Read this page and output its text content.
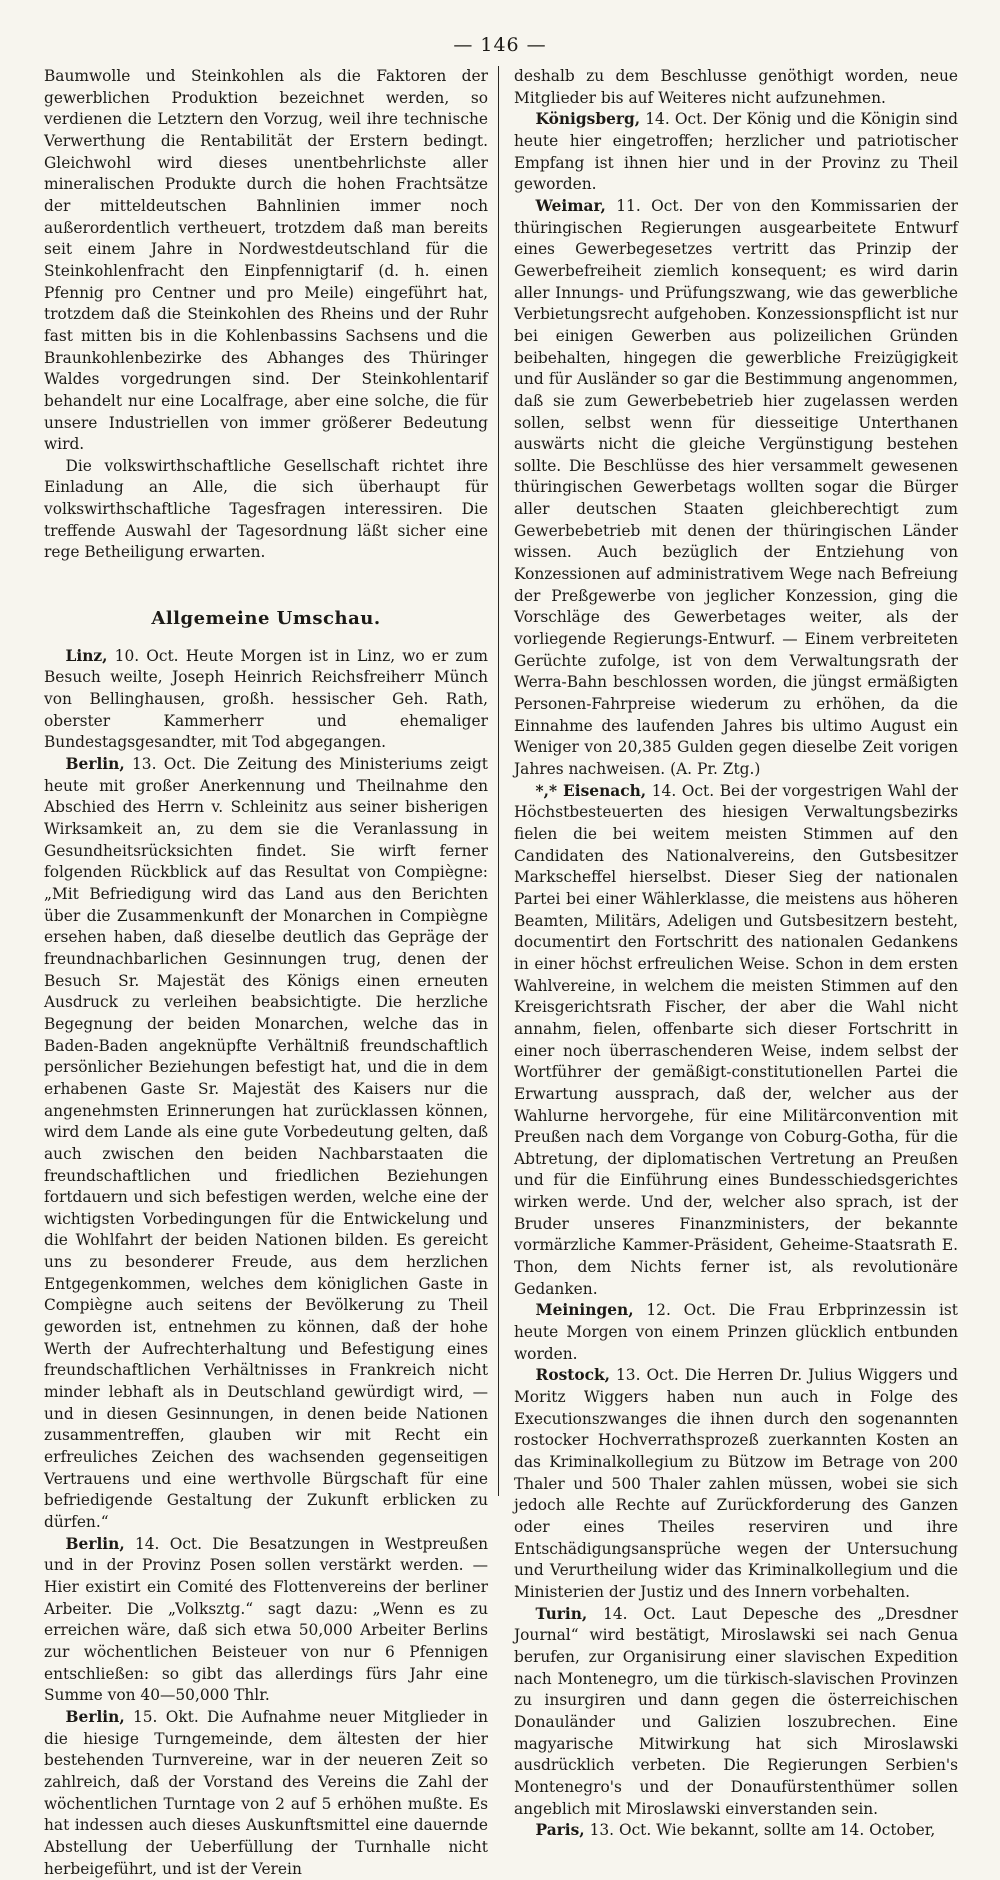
— 146 —

Baumwolle und Steinkohlen als die Faktoren der gewerblichen Produktion bezeichnet werden, so verdienen die Letztern den Vorzug, weil ihre technische Verwerthung die Rentabilität der Erstern bedingt. Gleichwohl wird dieses unentbehrlichste aller mineralischen Produkte durch die hohen Frachtsätze der mitteldeutschen Bahnlinien immer noch außerordentlich vertheuert, trotzdem daß man bereits seit einem Jahre in Nordwestdeutschland für die Steinkohlenfracht den Einpfennigtarif (d. h. einen Pfennig pro Centner und pro Meile) eingeführt hat, trotzdem daß die Steinkohlen des Rheins und der Ruhr fast mitten bis in die Kohlenbassins Sachsens und die Braunkohlenbezirke des Abhanges des Thüringer Waldes vorgedrungen sind. Der Steinkohlentarif behandelt nur eine Localfrage, aber eine solche, die für unsere Industriellen von immer größerer Bedeutung wird.

Die volkswirthschaftliche Gesellschaft richtet ihre Einladung an Alle, die sich überhaupt für volkswirthschaftliche Tagesfragen interessiren. Die treffende Auswahl der Tagesordnung läßt sicher eine rege Betheiligung erwarten.

Allgemeine Umschau.

Linz, 10. Oct. Heute Morgen ist in Linz, wo er zum Besuch weilte, Joseph Heinrich Reichsfreiherr Münch von Bellinghausen, großh. hessischer Geh. Rath, oberster Kammerherr und ehemaliger Bundestagsgesandter, mit Tod abgegangen.

Berlin, 13. Oct. Die Zeitung des Ministeriums zeigt heute mit großer Anerkennung und Theilnahme den Abschied des Herrn v. Schleinitz aus seiner bisherigen Wirksamkeit an, zu dem sie die Veranlassung in Gesundheitsrücksichten findet. Sie wirft ferner folgenden Rückblick auf das Resultat von Compiègne: „Mit Befriedigung wird das Land aus den Berichten über die Zusammenkunft der Monarchen in Compiègne ersehen haben, daß dieselbe deutlich das Gepräge der freundnachbarlichen Gesinnungen trug, denen der Besuch Sr. Majestät des Königs einen erneuten Ausdruck zu verleihen beabsichtigte. Die herzliche Begegnung der beiden Monarchen, welche das in Baden-Baden angeknüpfte Verhältniß freundschaftlich persönlicher Beziehungen befestigt hat, und die in dem erhabenen Gaste Sr. Majestät des Kaisers nur die angenehmsten Erinnerungen hat zurücklassen können, wird dem Lande als eine gute Vorbedeutung gelten, daß auch zwischen den beiden Nachbarstaaten die freundschaftlichen und friedlichen Beziehungen fortdauern und sich befestigen werden, welche eine der wichtigsten Vorbedingungen für die Entwickelung und die Wohlfahrt der beiden Nationen bilden. Es gereicht uns zu besonderer Freude, aus dem herzlichen Entgegenkommen, welches dem königlichen Gaste in Compiègne auch seitens der Bevölkerung zu Theil geworden ist, entnehmen zu können, daß der hohe Werth der Aufrechterhaltung und Befestigung eines freundschaftlichen Verhältnisses in Frankreich nicht minder lebhaft als in Deutschland gewürdigt wird, — und in diesen Gesinnungen, in denen beide Nationen zusammentreffen, glauben wir mit Recht ein erfreuliches Zeichen des wachsenden gegenseitigen Vertrauens und eine werthvolle Bürgschaft für eine befriedigende Gestaltung der Zukunft erblicken zu dürfen.“

Berlin, 14. Oct. Die Besatzungen in Westpreußen und in der Provinz Posen sollen verstärkt werden. — Hier existirt ein Comité des Flottenvereins der berliner Arbeiter. Die „Volksztg.“ sagt dazu: „Wenn es zu erreichen wäre, daß sich etwa 50,000 Arbeiter Berlins zur wöchentlichen Beisteuer von nur 6 Pfennigen entschließen: so gibt das allerdings fürs Jahr eine Summe von 40—50,000 Thlr.

Berlin, 15. Okt. Die Aufnahme neuer Mitglieder in die hiesige Turngemeinde, dem ältesten der hier bestehenden Turnvereine, war in der neueren Zeit so zahlreich, daß der Vorstand des Vereins die Zahl der wöchentlichen Turntage von 2 auf 5 erhöhen mußte. Es hat indessen auch dieses Auskunftsmittel eine dauernde Abstellung der Ueberfüllung der Turnhalle nicht herbeigeführt, und ist der Verein

deshalb zu dem Beschlusse genöthigt worden, neue Mitglieder bis auf Weiteres nicht aufzunehmen.

Königsberg, 14. Oct. Der König und die Königin sind heute hier eingetroffen; herzlicher und patriotischer Empfang ist ihnen hier und in der Provinz zu Theil geworden.

Weimar, 11. Oct. Der von den Kommissarien der thüringischen Regierungen ausgearbeitete Entwurf eines Gewerbegesetzes vertritt das Prinzip der Gewerbefreiheit ziemlich konsequent; es wird darin aller Innungs- und Prüfungszwang, wie das gewerbliche Verbietungsrecht aufgehoben. Konzessionspflicht ist nur bei einigen Gewerben aus polizeilichen Gründen beibehalten, hingegen die gewerbliche Freizügigkeit und für Ausländer so gar die Bestimmung angenommen, daß sie zum Gewerbebetrieb hier zugelassen werden sollen, selbst wenn für diesseitige Unterthanen auswärts nicht die gleiche Vergünstigung bestehen sollte. Die Beschlüsse des hier versammelt gewesenen thüringischen Gewerbetags wollten sogar die Bürger aller deutschen Staaten gleichberechtigt zum Gewerbebetrieb mit denen der thüringischen Länder wissen. Auch bezüglich der Entziehung von Konzessionen auf administrativem Wege nach Befreiung der Preßgewerbe von jeglicher Konzession, ging die Vorschläge des Gewerbetages weiter, als der vorliegende Regierungs-Entwurf. — Einem verbreiteten Gerüchte zufolge, ist von dem Verwaltungsrath der Werra-Bahn beschlossen worden, die jüngst ermäßigten Personen-Fahrpreise wiederum zu erhöhen, da die Einnahme des laufenden Jahres bis ultimo August ein Weniger von 20,385 Gulden gegen dieselbe Zeit vorigen Jahres nachweisen. (A. Pr. Ztg.)

*,* Eisenach, 14. Oct. Bei der vorgestrigen Wahl der Höchstbesteuerten des hiesigen Verwaltungsbezirks fielen die bei weitem meisten Stimmen auf den Candidaten des Nationalvereins, den Gutsbesitzer Markscheffel hierselbst. Dieser Sieg der nationalen Partei bei einer Wählerklasse, die meistens aus höheren Beamten, Militärs, Adeligen und Gutsbesitzern besteht, documentirt den Fortschritt des nationalen Gedankens in einer höchst erfreulichen Weise. Schon in dem ersten Wahlvereine, in welchem die meisten Stimmen auf den Kreisgerichtsrath Fischer, der aber die Wahl nicht annahm, fielen, offenbarte sich dieser Fortschritt in einer noch überraschenderen Weise, indem selbst der Wortführer der gemäßigt-constitutionellen Partei die Erwartung aussprach, daß der, welcher aus der Wahlurne hervorgehe, für eine Militärconvention mit Preußen nach dem Vorgange von Coburg-Gotha, für die Abtretung, der diplomatischen Vertretung an Preußen und für die Einführung eines Bundesschiedsgerichtes wirken werde. Und der, welcher also sprach, ist der Bruder unseres Finanzministers, der bekannte vormärzliche Kammer-Präsident, Geheime-Staatsrath E. Thon, dem Nichts ferner ist, als revolutionäre Gedanken.

Meiningen, 12. Oct. Die Frau Erbprinzessin ist heute Morgen von einem Prinzen glücklich entbunden worden.

Rostock, 13. Oct. Die Herren Dr. Julius Wiggers und Moritz Wiggers haben nun auch in Folge des Executionszwanges die ihnen durch den sogenannten rostocker Hochverrathsprozeß zuerkannten Kosten an das Kriminalkollegium zu Bützow im Betrage von 200 Thaler und 500 Thaler zahlen müssen, wobei sie sich jedoch alle Rechte auf Zurückforderung des Ganzen oder eines Theiles reserviren und ihre Entschädigungsansprüche wegen der Untersuchung und Verurtheilung wider das Kriminalkollegium und die Ministerien der Justiz und des Innern vorbehalten.

Turin, 14. Oct. Laut Depesche des „Dresdner Journal“ wird bestätigt, Miroslawski sei nach Genua berufen, zur Organisirung einer slavischen Expedition nach Montenegro, um die türkisch-slavischen Provinzen zu insurgiren und dann gegen die österreichischen Donauländer und Galizien loszubrechen. Eine magyarische Mitwirkung hat sich Miroslawski ausdrücklich verbeten. Die Regierungen Serbien's Montenegro's und der Donaufürstenthümer sollen angeblich mit Miroslawski einverstanden sein.

Paris, 13. Oct. Wie bekannt, sollte am 14. October,
